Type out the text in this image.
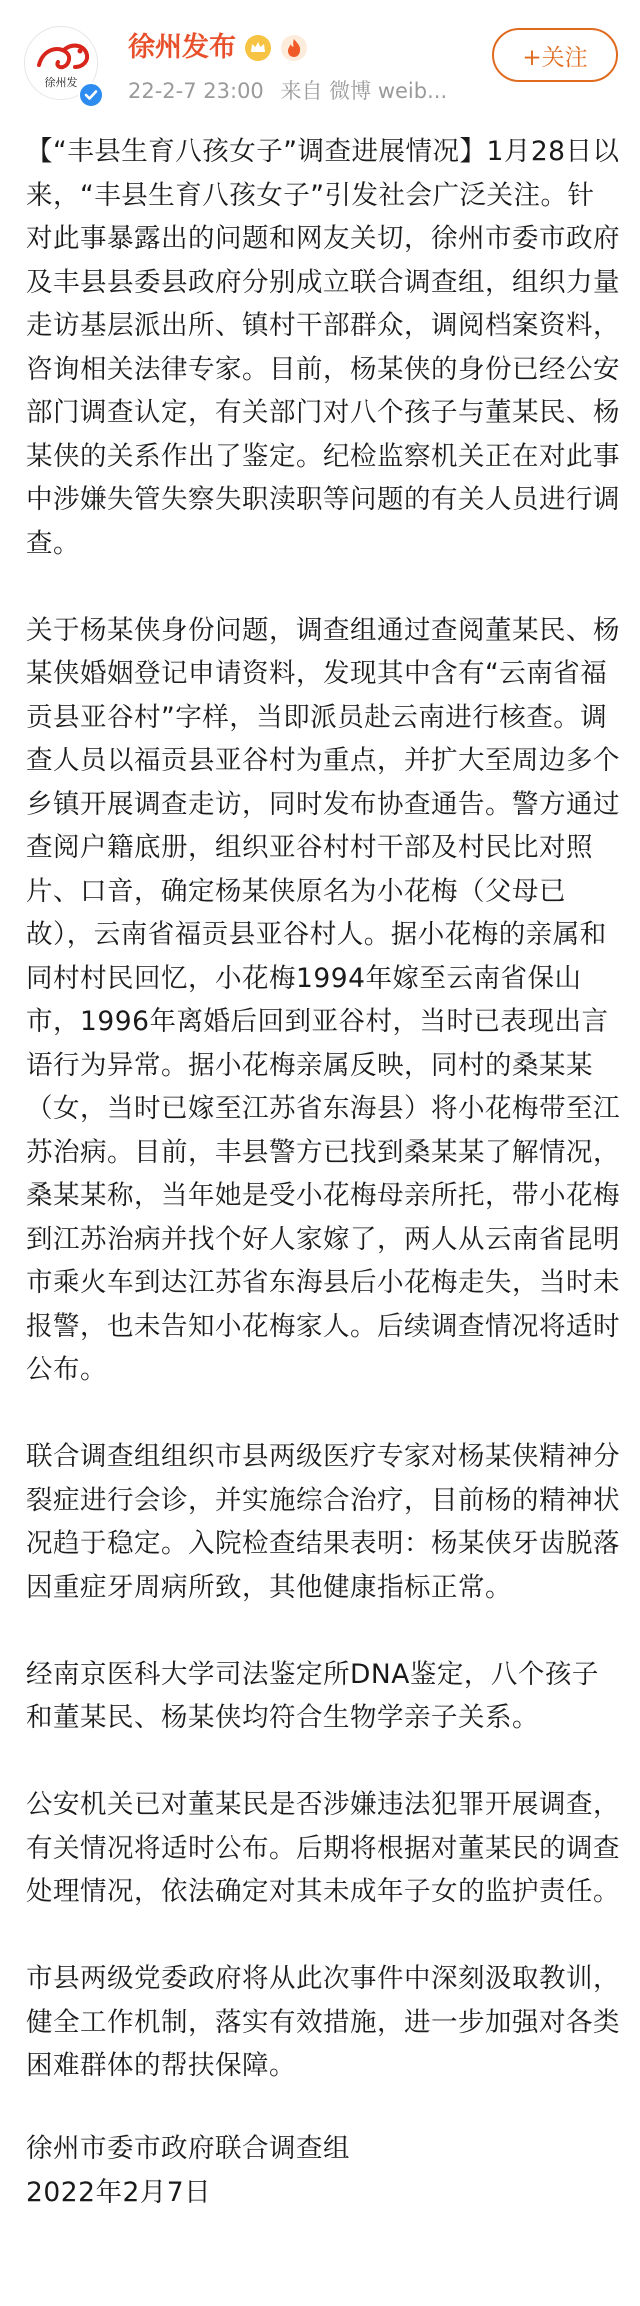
徐州发
徐州发布
22-2-7 23:00 来自 微博 weib...
+关注

【“丰县生育八孩女子”调查进展情况】1月28日以来，“丰县生育八孩女子”引发社会广泛关注。针对此事暴露出的问题和网友关切，徐州市委市政府及丰县县委县政府分别成立联合调查组，组织力量走访基层派出所、镇村干部群众，调阅档案资料，咨询相关法律专家。目前，杨某侠的身份已经公安部门调查认定，有关部门对八个孩子与董某民、杨某侠的关系作出了鉴定。纪检监察机关正在对此事中涉嫌失管失察失职渎职等问题的有关人员进行调查。

关于杨某侠身份问题，调查组通过查阅董某民、杨某侠婚姻登记申请资料，发现其中含有“云南省福贡县亚谷村”字样，当即派员赴云南进行核查。调查人员以福贡县亚谷村为重点，并扩大至周边多个乡镇开展调查走访，同时发布协查通告。警方通过查阅户籍底册，组织亚谷村村干部及村民比对照片、口音，确定杨某侠原名为小花梅（父母已故），云南省福贡县亚谷村人。据小花梅的亲属和同村村民回忆，小花梅1994年嫁至云南省保山市，1996年离婚后回到亚谷村，当时已表现出言语行为异常。据小花梅亲属反映，同村的桑某某（女，当时已嫁至江苏省东海县）将小花梅带至江苏治病。目前，丰县警方已找到桑某某了解情况，桑某某称，当年她是受小花梅母亲所托，带小花梅到江苏治病并找个好人家嫁了，两人从云南省昆明市乘火车到达江苏省东海县后小花梅走失，当时未报警，也未告知小花梅家人。后续调查情况将适时公布。

联合调查组组织市县两级医疗专家对杨某侠精神分裂症进行会诊，并实施综合治疗，目前杨的精神状况趋于稳定。入院检查结果表明：杨某侠牙齿脱落因重症牙周病所致，其他健康指标正常。

经南京医科大学司法鉴定所DNA鉴定，八个孩子和董某民、杨某侠均符合生物学亲子关系。

公安机关已对董某民是否涉嫌违法犯罪开展调查，有关情况将适时公布。后期将根据对董某民的调查处理情况，依法确定对其未成年子女的监护责任。

市县两级党委政府将从此次事件中深刻汲取教训，健全工作机制，落实有效措施，进一步加强对各类困难群体的帮扶保障。

徐州市委市政府联合调查组
2022年2月7日
